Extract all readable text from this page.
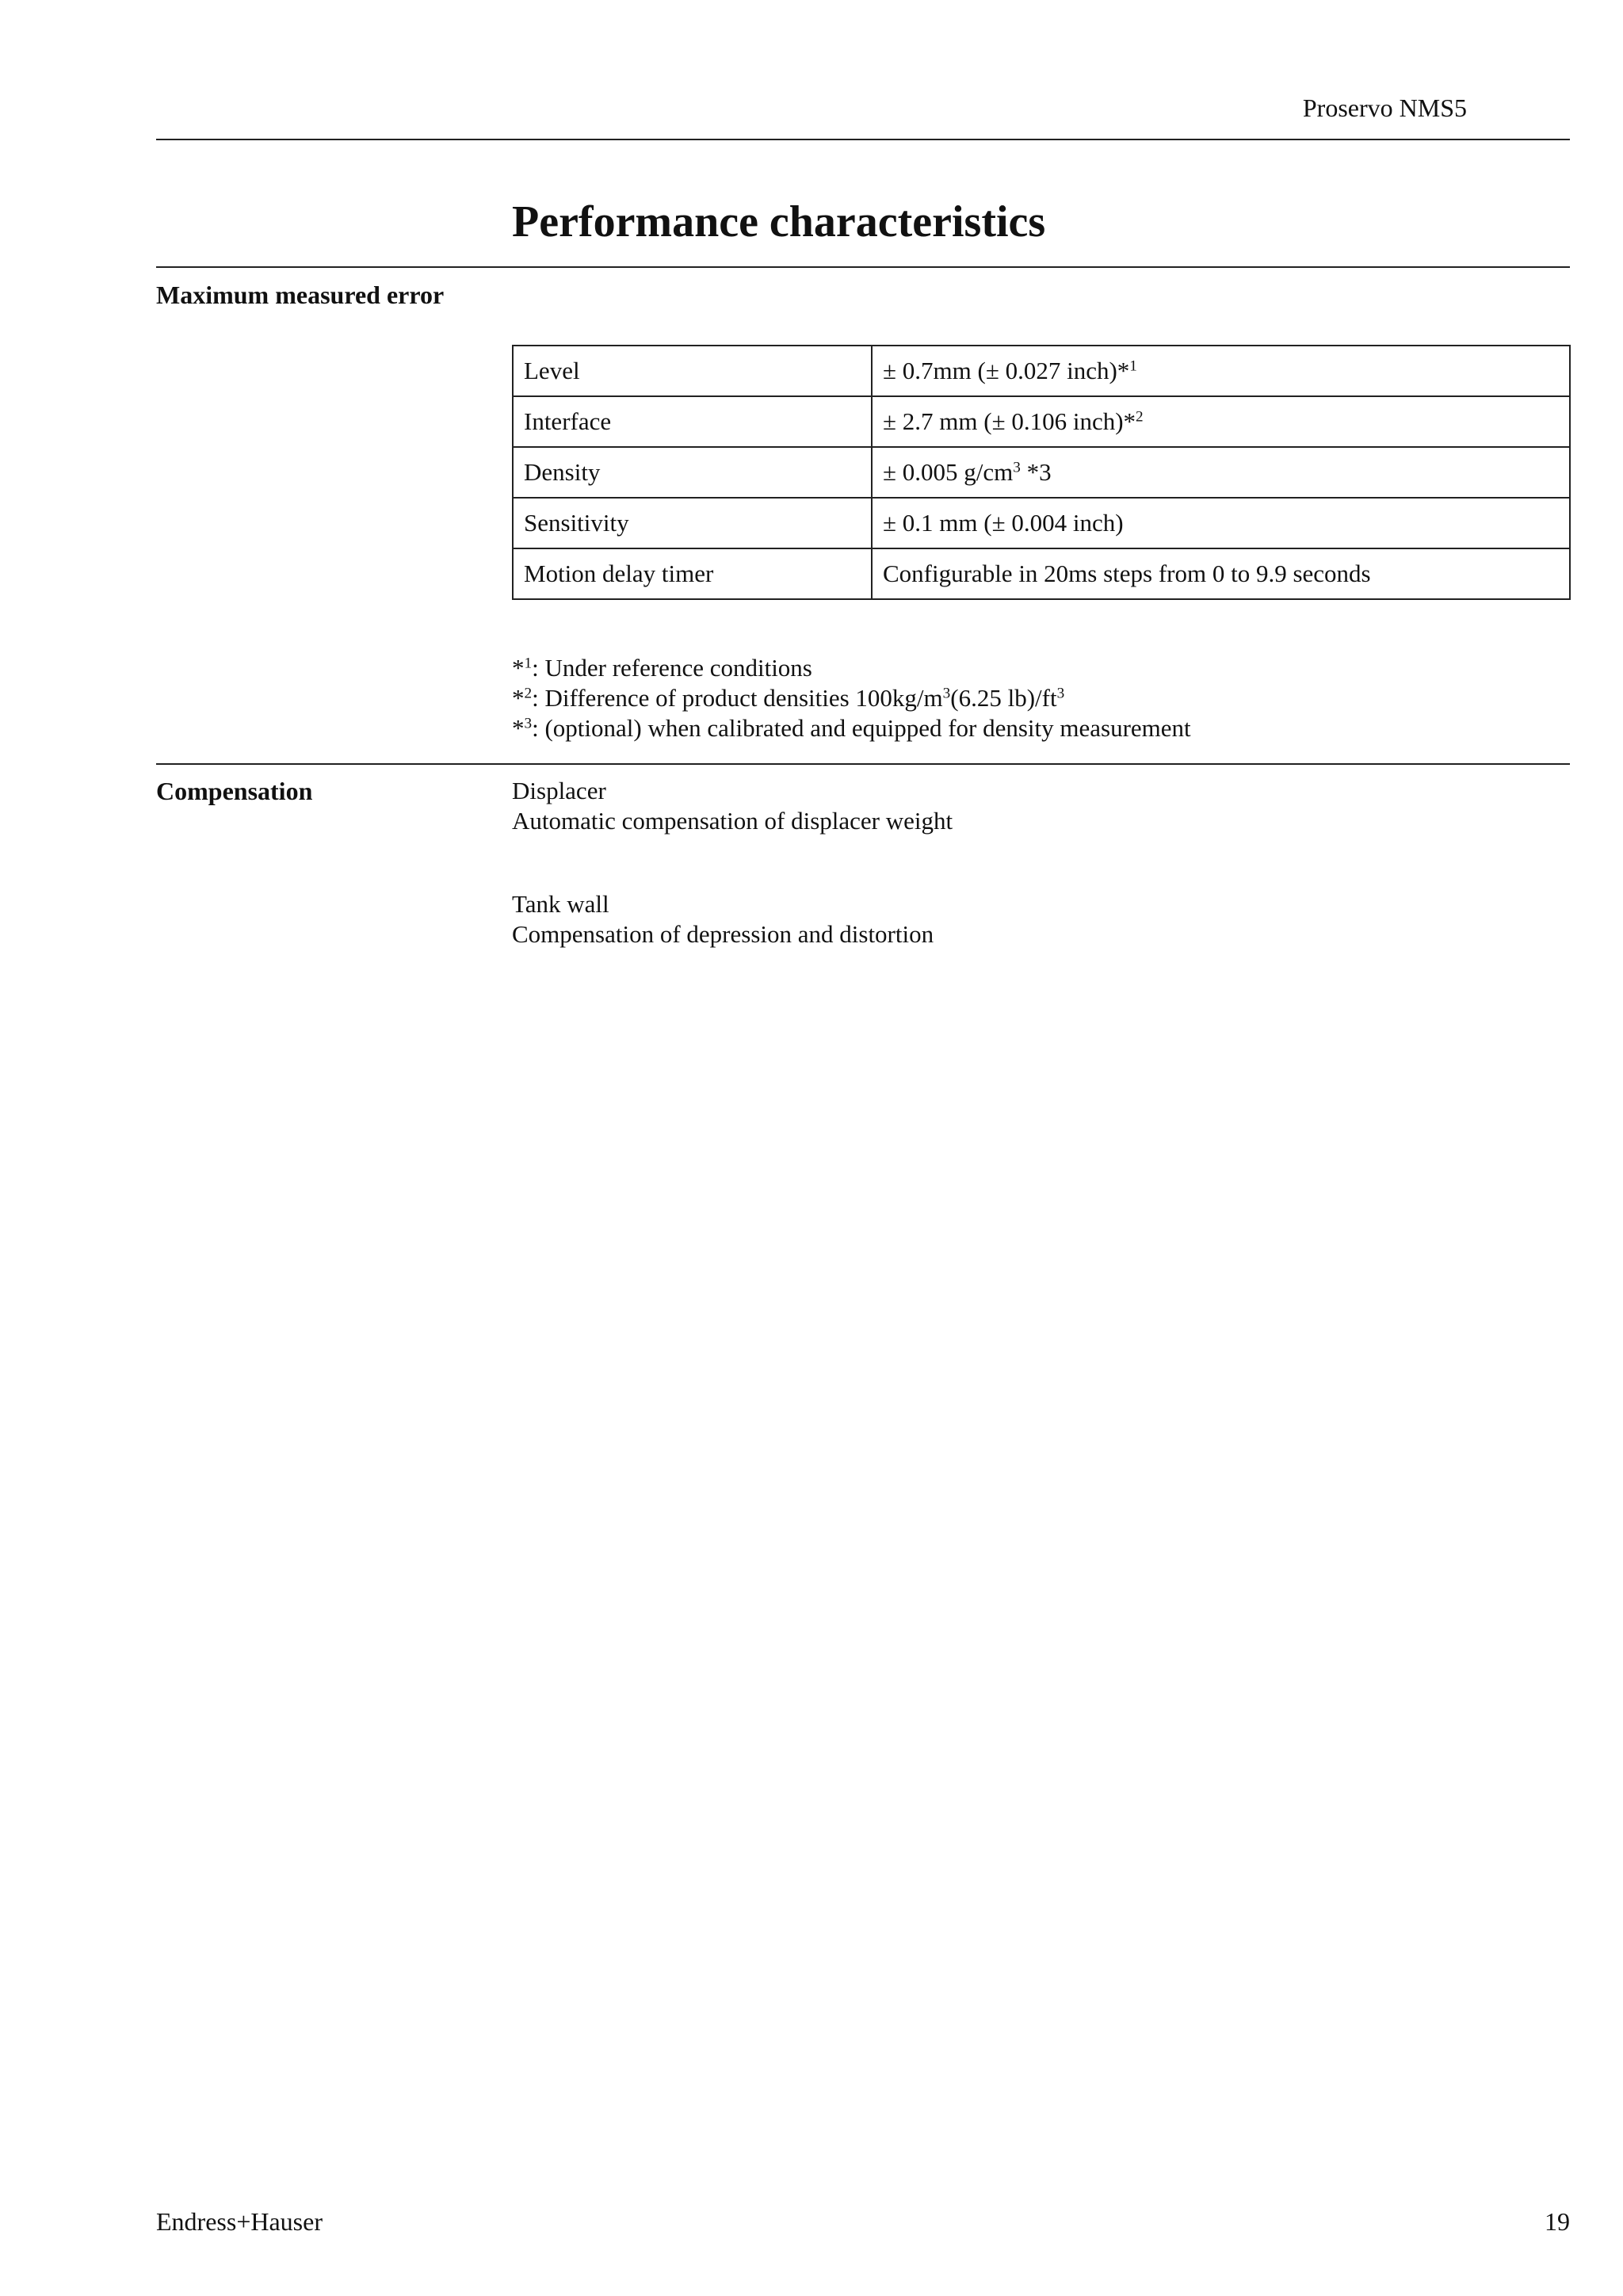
Proservo NMS5
Performance characteristics
Maximum measured error
Level	± 0.7mm (± 0.027 inch)*$^1$
Interface	± 2.7 mm (± 0.106 inch)*$^2$
Density	± 0.005 $g/cm^3$ *3
Sensitivity	± 0.1 mm (± 0.004 inch)
Motion delay timer	Configurable in 20ms steps from 0 to 9.9 seconds
*$^1$: Under reference conditions
*$^2$: Difference of product densities $100kg/m^3(6.25$ $lb)/ft^3$
*$^3$: (optional) when calibrated and equipped for density measurement
Compensation	Displacer
Automatic compensation of displacer weight
Tank wall
Compensation of depression and distortion
Endress+Hauser	19
